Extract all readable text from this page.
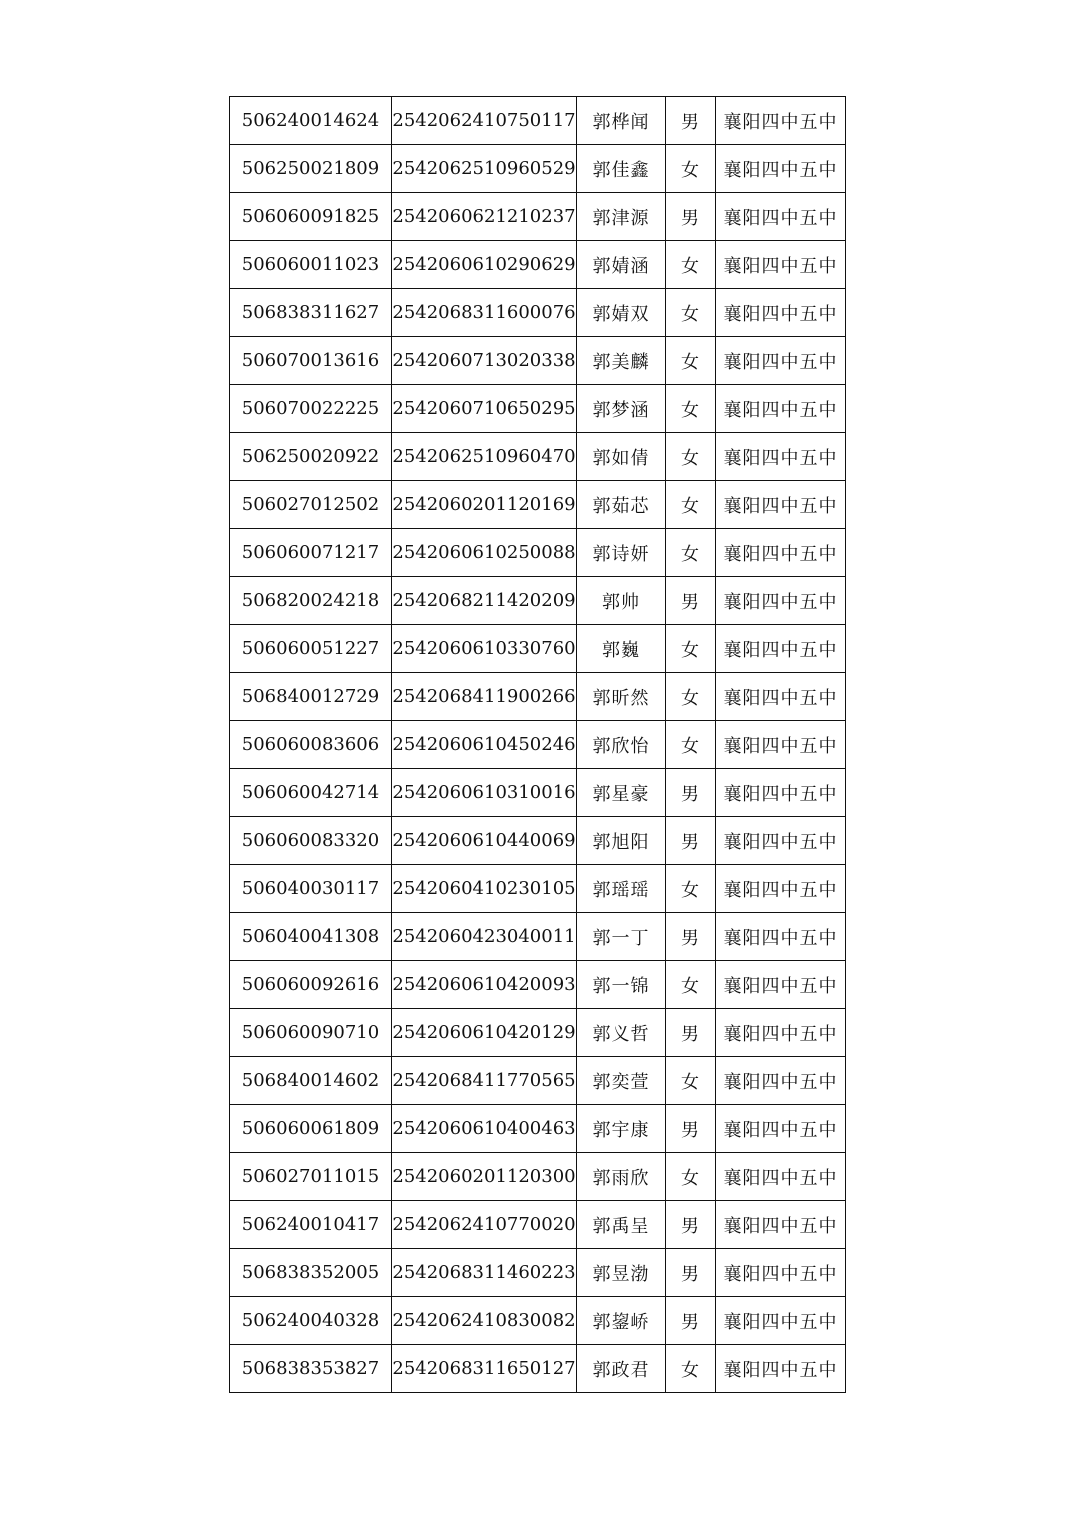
506240014624	2542062410750117	郭桦闻	男	襄阳四中五中
506250021809	2542062510960529	郭佳鑫	女	襄阳四中五中
506060091825	2542060621210237	郭津源	男	襄阳四中五中
506060011023	2542060610290629	郭婧涵	女	襄阳四中五中
506838311627	2542068311600076	郭婧双	女	襄阳四中五中
506070013616	2542060713020338	郭美麟	女	襄阳四中五中
506070022225	2542060710650295	郭梦涵	女	襄阳四中五中
506250020922	2542062510960470	郭如倩	女	襄阳四中五中
506027012502	2542060201120169	郭茹芯	女	襄阳四中五中
506060071217	2542060610250088	郭诗妍	女	襄阳四中五中
506820024218	2542068211420209	郭帅	男	襄阳四中五中
506060051227	2542060610330760	郭巍	女	襄阳四中五中
506840012729	2542068411900266	郭昕然	女	襄阳四中五中
506060083606	2542060610450246	郭欣怡	女	襄阳四中五中
506060042714	2542060610310016	郭星豪	男	襄阳四中五中
506060083320	2542060610440069	郭旭阳	男	襄阳四中五中
506040030117	2542060410230105	郭瑶瑶	女	襄阳四中五中
506040041308	2542060423040011	郭一丁	男	襄阳四中五中
506060092616	2542060610420093	郭一锦	女	襄阳四中五中
506060090710	2542060610420129	郭义哲	男	襄阳四中五中
506840014602	2542068411770565	郭奕萱	女	襄阳四中五中
506060061809	2542060610400463	郭宇康	男	襄阳四中五中
506027011015	2542060201120300	郭雨欣	女	襄阳四中五中
506240010417	2542062410770020	郭禹呈	男	襄阳四中五中
506838352005	2542068311460223	郭昱渤	男	襄阳四中五中
506240040328	2542062410830082	郭鋆峤	男	襄阳四中五中
506838353827	2542068311650127	郭政君	女	襄阳四中五中
